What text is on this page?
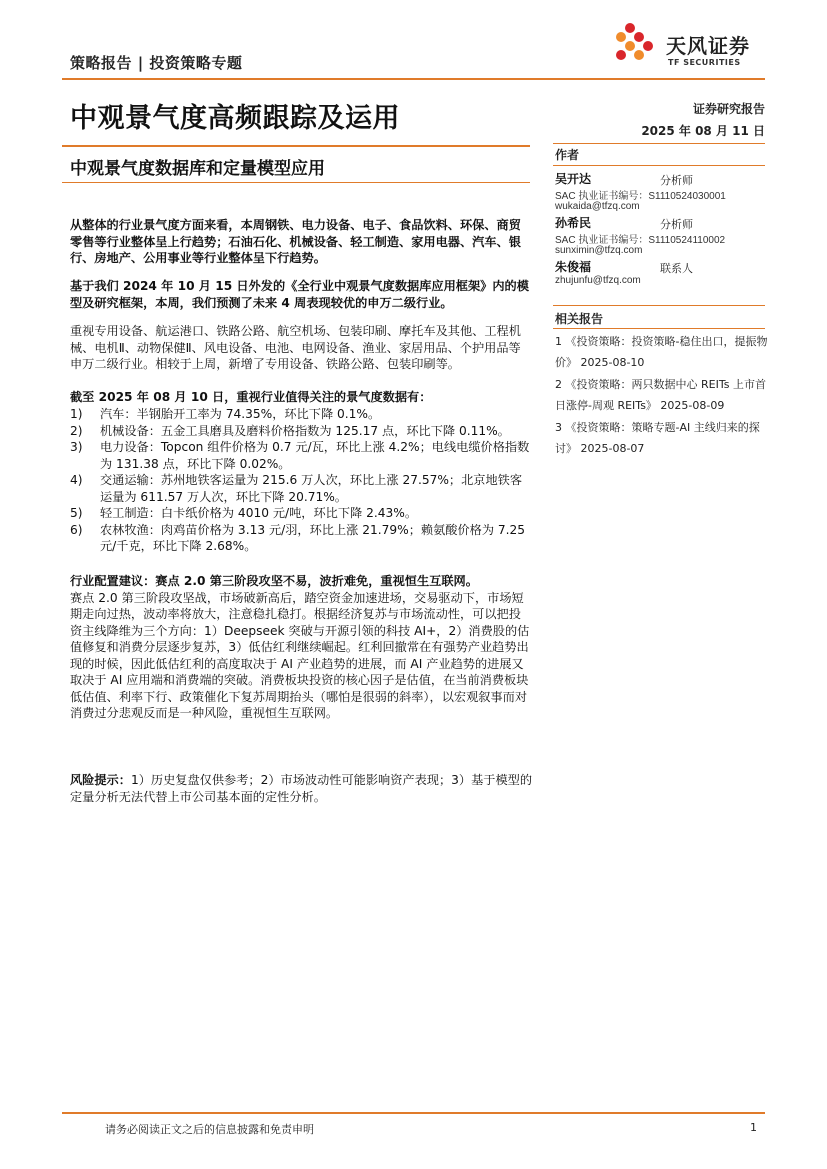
策略报告 | 投资策略专题
天风证券
TF SECURITIES
中观景气度高频跟踪及运用
中观景气度数据库和定量模型应用
证券研究报告
2025 年 08 月 11 日
作者
吴开达	分析师
SAC 执业证书编号：S1110524030001
wukaida@tfzq.com
孙希民	分析师
SAC 执业证书编号：S1110524110002
sunximin@tfzq.com
朱俊福	联系人
zhujunfu@tfzq.com
相关报告
1 《投资策略：投资策略-稳住出口，提振物价》 2025-08-10
2 《投资策略：两只数据中心 REITs 上市首日涨停-周观 REITs》 2025-08-09
3 《投资策略：策略专题-AI 主线归来的探讨》 2025-08-07
从整体的行业景气度方面来看，本周钢铁、电力设备、电子、食品饮料、环保、商贸零售等行业整体呈上行趋势；石油石化、机械设备、轻工制造、家用电器、汽车、银行、房地产、公用事业等行业整体呈下行趋势。
基于我们 2024 年 10 月 15 日外发的《全行业中观景气度数据库应用框架》内的模型及研究框架，本周，我们预测了未来 4 周表现较优的申万二级行业。
重视专用设备、航运港口、铁路公路、航空机场、包装印刷、摩托车及其他、工程机械、电机Ⅱ、动物保健Ⅱ、风电设备、电池、电网设备、渔业、家居用品、个护用品等申万二级行业。相较于上周，新增了专用设备、铁路公路、包装印刷等。
截至 2025 年 08 月 10 日，重视行业值得关注的景气度数据有：
1) 汽车：半钢胎开工率为 74.35%，环比下降 0.1%。
2) 机械设备：五金工具磨具及磨料价格指数为 125.17 点，环比下降 0.11%。
3) 电力设备：Topcon 组件价格为 0.7 元/瓦，环比上涨 4.2%；电线电缆价格指数为 131.38 点，环比下降 0.02%。
4) 交通运输：苏州地铁客运量为 215.6 万人次，环比上涨 27.57%；北京地铁客运量为 611.57 万人次，环比下降 20.71%。
5) 轻工制造：白卡纸价格为 4010 元/吨，环比下降 2.43%。
6) 农林牧渔：肉鸡苗价格为 3.13 元/羽，环比上涨 21.79%；赖氨酸价格为 7.25 元/千克，环比下降 2.68%。
行业配置建议：赛点 2.0 第三阶段攻坚不易，波折难免，重视恒生互联网。
赛点 2.0 第三阶段攻坚战，市场破新高后，踏空资金加速进场，交易驱动下，市场短期走向过热，波动率将放大，注意稳扎稳打。根据经济复苏与市场流动性，可以把投资主线降维为三个方向：1）Deepseek 突破与开源引领的科技 AI+，2）消费股的估值修复和消费分层逐步复苏，3）低估红利继续崛起。红利回撤常在有强势产业趋势出现的时候，因此低估红利的高度取决于 AI 产业趋势的进展，而 AI 产业趋势的进展又取决于 AI 应用端和消费端的突破。消费板块投资的核心因子是估值，在当前消费板块低估值、利率下行、政策催化下复苏周期抬头（哪怕是很弱的斜率），以宏观叙事而对消费过分悲观反而是一种风险，重视恒生互联网。
风险提示：1）历史复盘仅供参考；2）市场波动性可能影响资产表现；3）基于模型的定量分析无法代替上市公司基本面的定性分析。
请务必阅读正文之后的信息披露和免责申明	1
